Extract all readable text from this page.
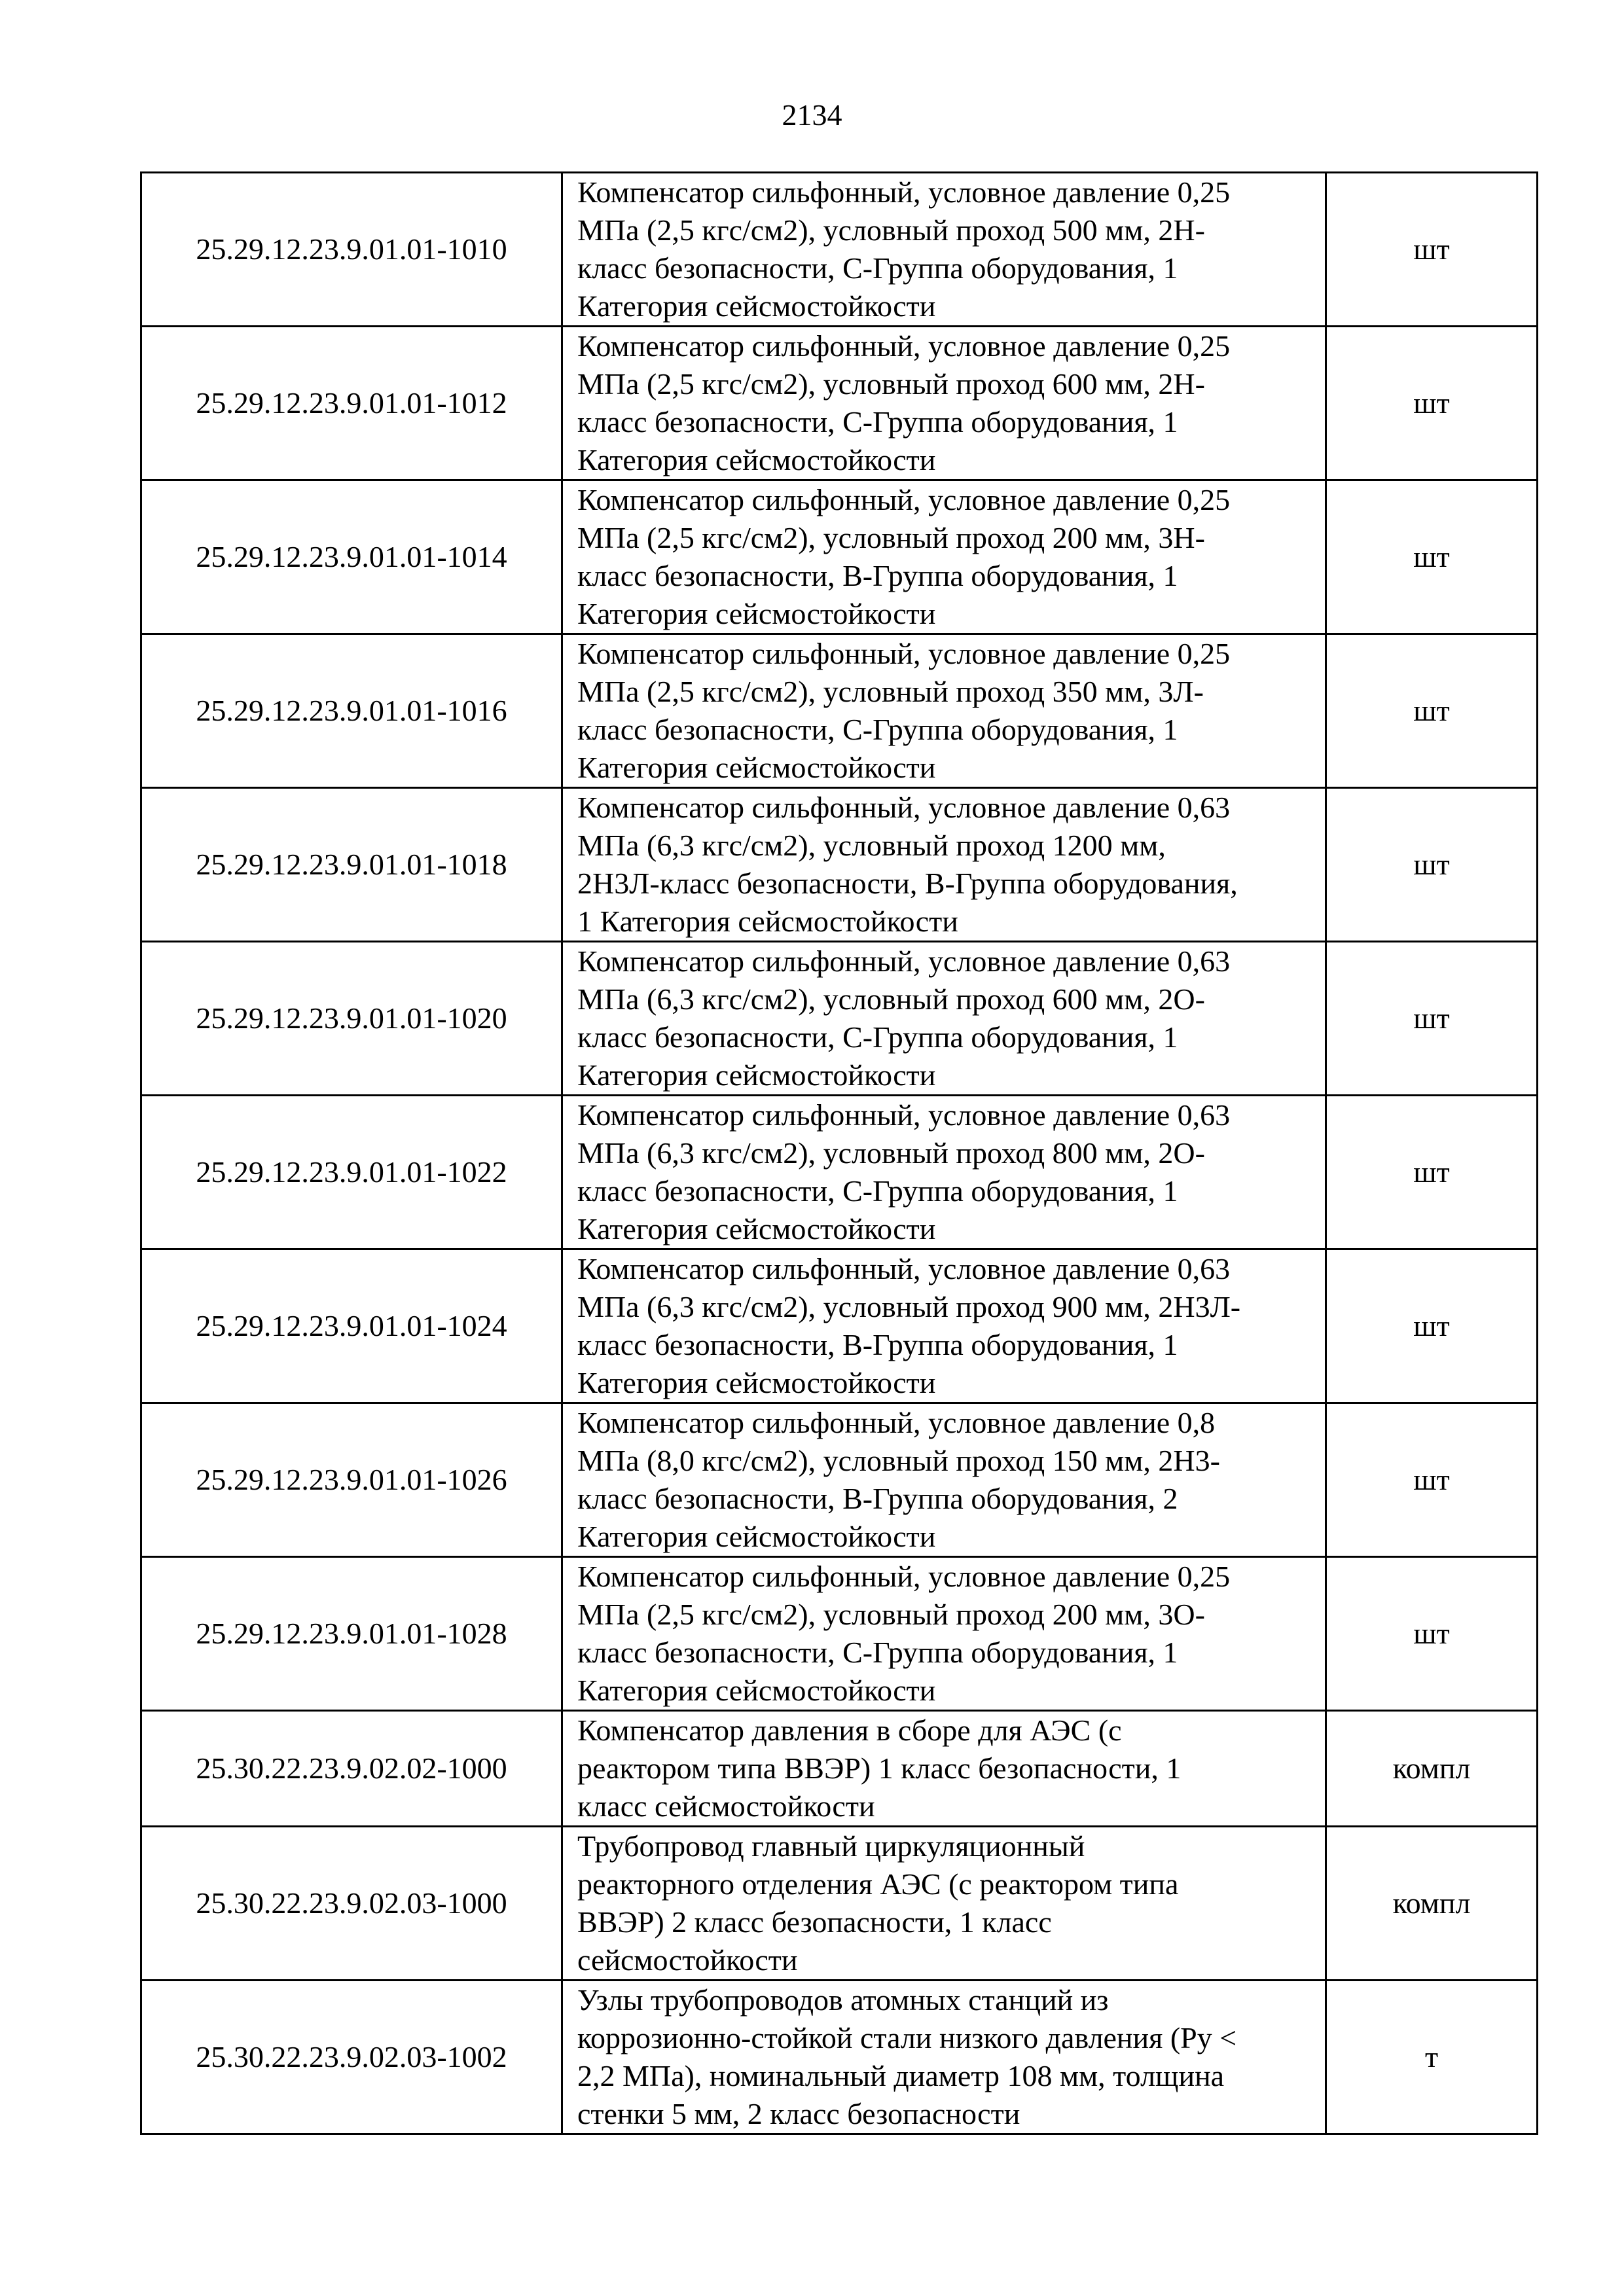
2134
25.29.12.23.9.01.01-1010	Компенсатор сильфонный, условное давление 0,25
МПа (2,5 кгс/см2), условный проход 500 мм, 2Н-
класс безопасности, С-Группа оборудования, 1
Категория сейсмостойкости	шт
25.29.12.23.9.01.01-1012	Компенсатор сильфонный, условное давление 0,25
МПа (2,5 кгс/см2), условный проход 600 мм, 2Н-
класс безопасности, С-Группа оборудования, 1
Категория сейсмостойкости	шт
25.29.12.23.9.01.01-1014	Компенсатор сильфонный, условное давление 0,25
МПа (2,5 кгс/см2), условный проход 200 мм, 3Н-
класс безопасности, В-Группа оборудования, 1
Категория сейсмостойкости	шт
25.29.12.23.9.01.01-1016	Компенсатор сильфонный, условное давление 0,25
МПа (2,5 кгс/см2), условный проход 350 мм, 3Л-
класс безопасности, С-Группа оборудования, 1
Категория сейсмостойкости	шт
25.29.12.23.9.01.01-1018	Компенсатор сильфонный, условное давление 0,63
МПа (6,3 кгс/см2), условный проход 1200 мм,
2Н3Л-класс безопасности, В-Группа оборудования,
1 Категория сейсмостойкости	шт
25.29.12.23.9.01.01-1020	Компенсатор сильфонный, условное давление 0,63
МПа (6,3 кгс/см2), условный проход 600 мм, 2О-
класс безопасности, С-Группа оборудования, 1
Категория сейсмостойкости	шт
25.29.12.23.9.01.01-1022	Компенсатор сильфонный, условное давление 0,63
МПа (6,3 кгс/см2), условный проход 800 мм, 2О-
класс безопасности, С-Группа оборудования, 1
Категория сейсмостойкости	шт
25.29.12.23.9.01.01-1024	Компенсатор сильфонный, условное давление 0,63
МПа (6,3 кгс/см2), условный проход 900 мм, 2Н3Л-
класс безопасности, В-Группа оборудования, 1
Категория сейсмостойкости	шт
25.29.12.23.9.01.01-1026	Компенсатор сильфонный, условное давление 0,8
МПа (8,0 кгс/см2), условный проход 150 мм, 2Н3-
класс безопасности, В-Группа оборудования, 2
Категория сейсмостойкости	шт
25.29.12.23.9.01.01-1028	Компенсатор сильфонный, условное давление 0,25
МПа (2,5 кгс/см2), условный проход 200 мм, 3О-
класс безопасности, С-Группа оборудования, 1
Категория сейсмостойкости	шт
25.30.22.23.9.02.02-1000	Компенсатор давления в сборе для АЭС (с
реактором типа ВВЭР) 1 класс безопасности, 1
класс сейсмостойкости	компл
25.30.22.23.9.02.03-1000	Трубопровод главный циркуляционный
реакторного отделения АЭС (с реактором типа
ВВЭР) 2 класс безопасности, 1 класс
сейсмостойкости	компл
25.30.22.23.9.02.03-1002	Узлы трубопроводов атомных станций из
коррозионно-стойкой стали низкого давления (Ру <
2,2 МПа), номинальный диаметр 108 мм, толщина
стенки 5 мм, 2 класс безопасности	т
